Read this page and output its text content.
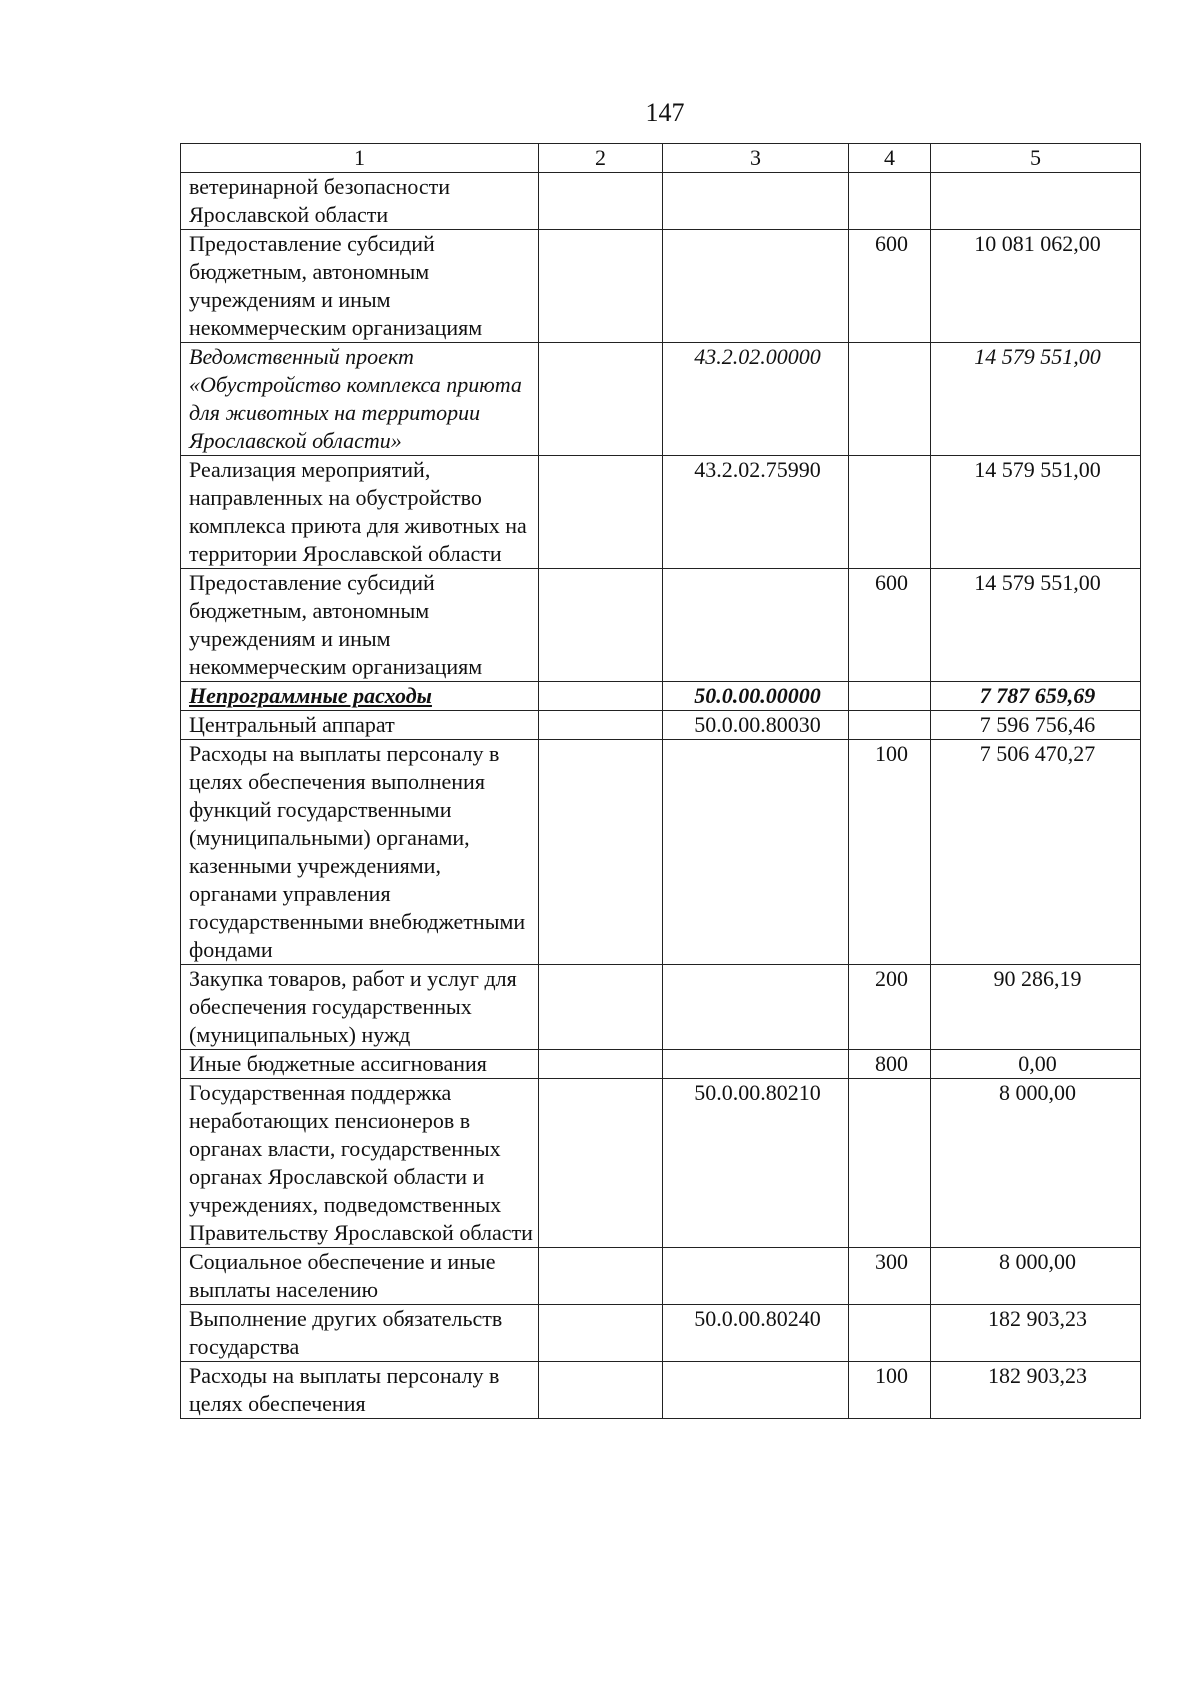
147
1	2	3	4	5
ветеринарной безопасности Ярославской области				
Предоставление субсидий бюджетным, автономным учреждениям и иным некоммерческим организациям			600	10 081 062,00
Ведомственный проект «Обустройство комплекса приюта для животных на территории Ярославской области»		43.2.02.00000		14 579 551,00
Реализация мероприятий, направленных на обустройство комплекса приюта для животных на территории Ярославской области		43.2.02.75990		14 579 551,00
Предоставление субсидий бюджетным, автономным учреждениям и иным некоммерческим организациям			600	14 579 551,00
Непрограммные расходы		50.0.00.00000		7 787 659,69
Центральный аппарат		50.0.00.80030		7 596 756,46
Расходы на выплаты персоналу в целях обеспечения выполнения функций государственными (муниципальными) органами, казенными учреждениями, органами управления государственными внебюджетными фондами			100	7 506 470,27
Закупка товаров, работ и услуг для обеспечения государственных (муниципальных) нужд			200	90 286,19
Иные бюджетные ассигнования			800	0,00
Государственная поддержка неработающих пенсионеров в органах власти, государственных органах Ярославской области и учреждениях, подведомственных Правительству Ярославской области		50.0.00.80210		8 000,00
Социальное обеспечение и иные выплаты населению			300	8 000,00
Выполнение других обязательств государства		50.0.00.80240		182 903,23
Расходы на выплаты персоналу в целях обеспечения			100	182 903,23
